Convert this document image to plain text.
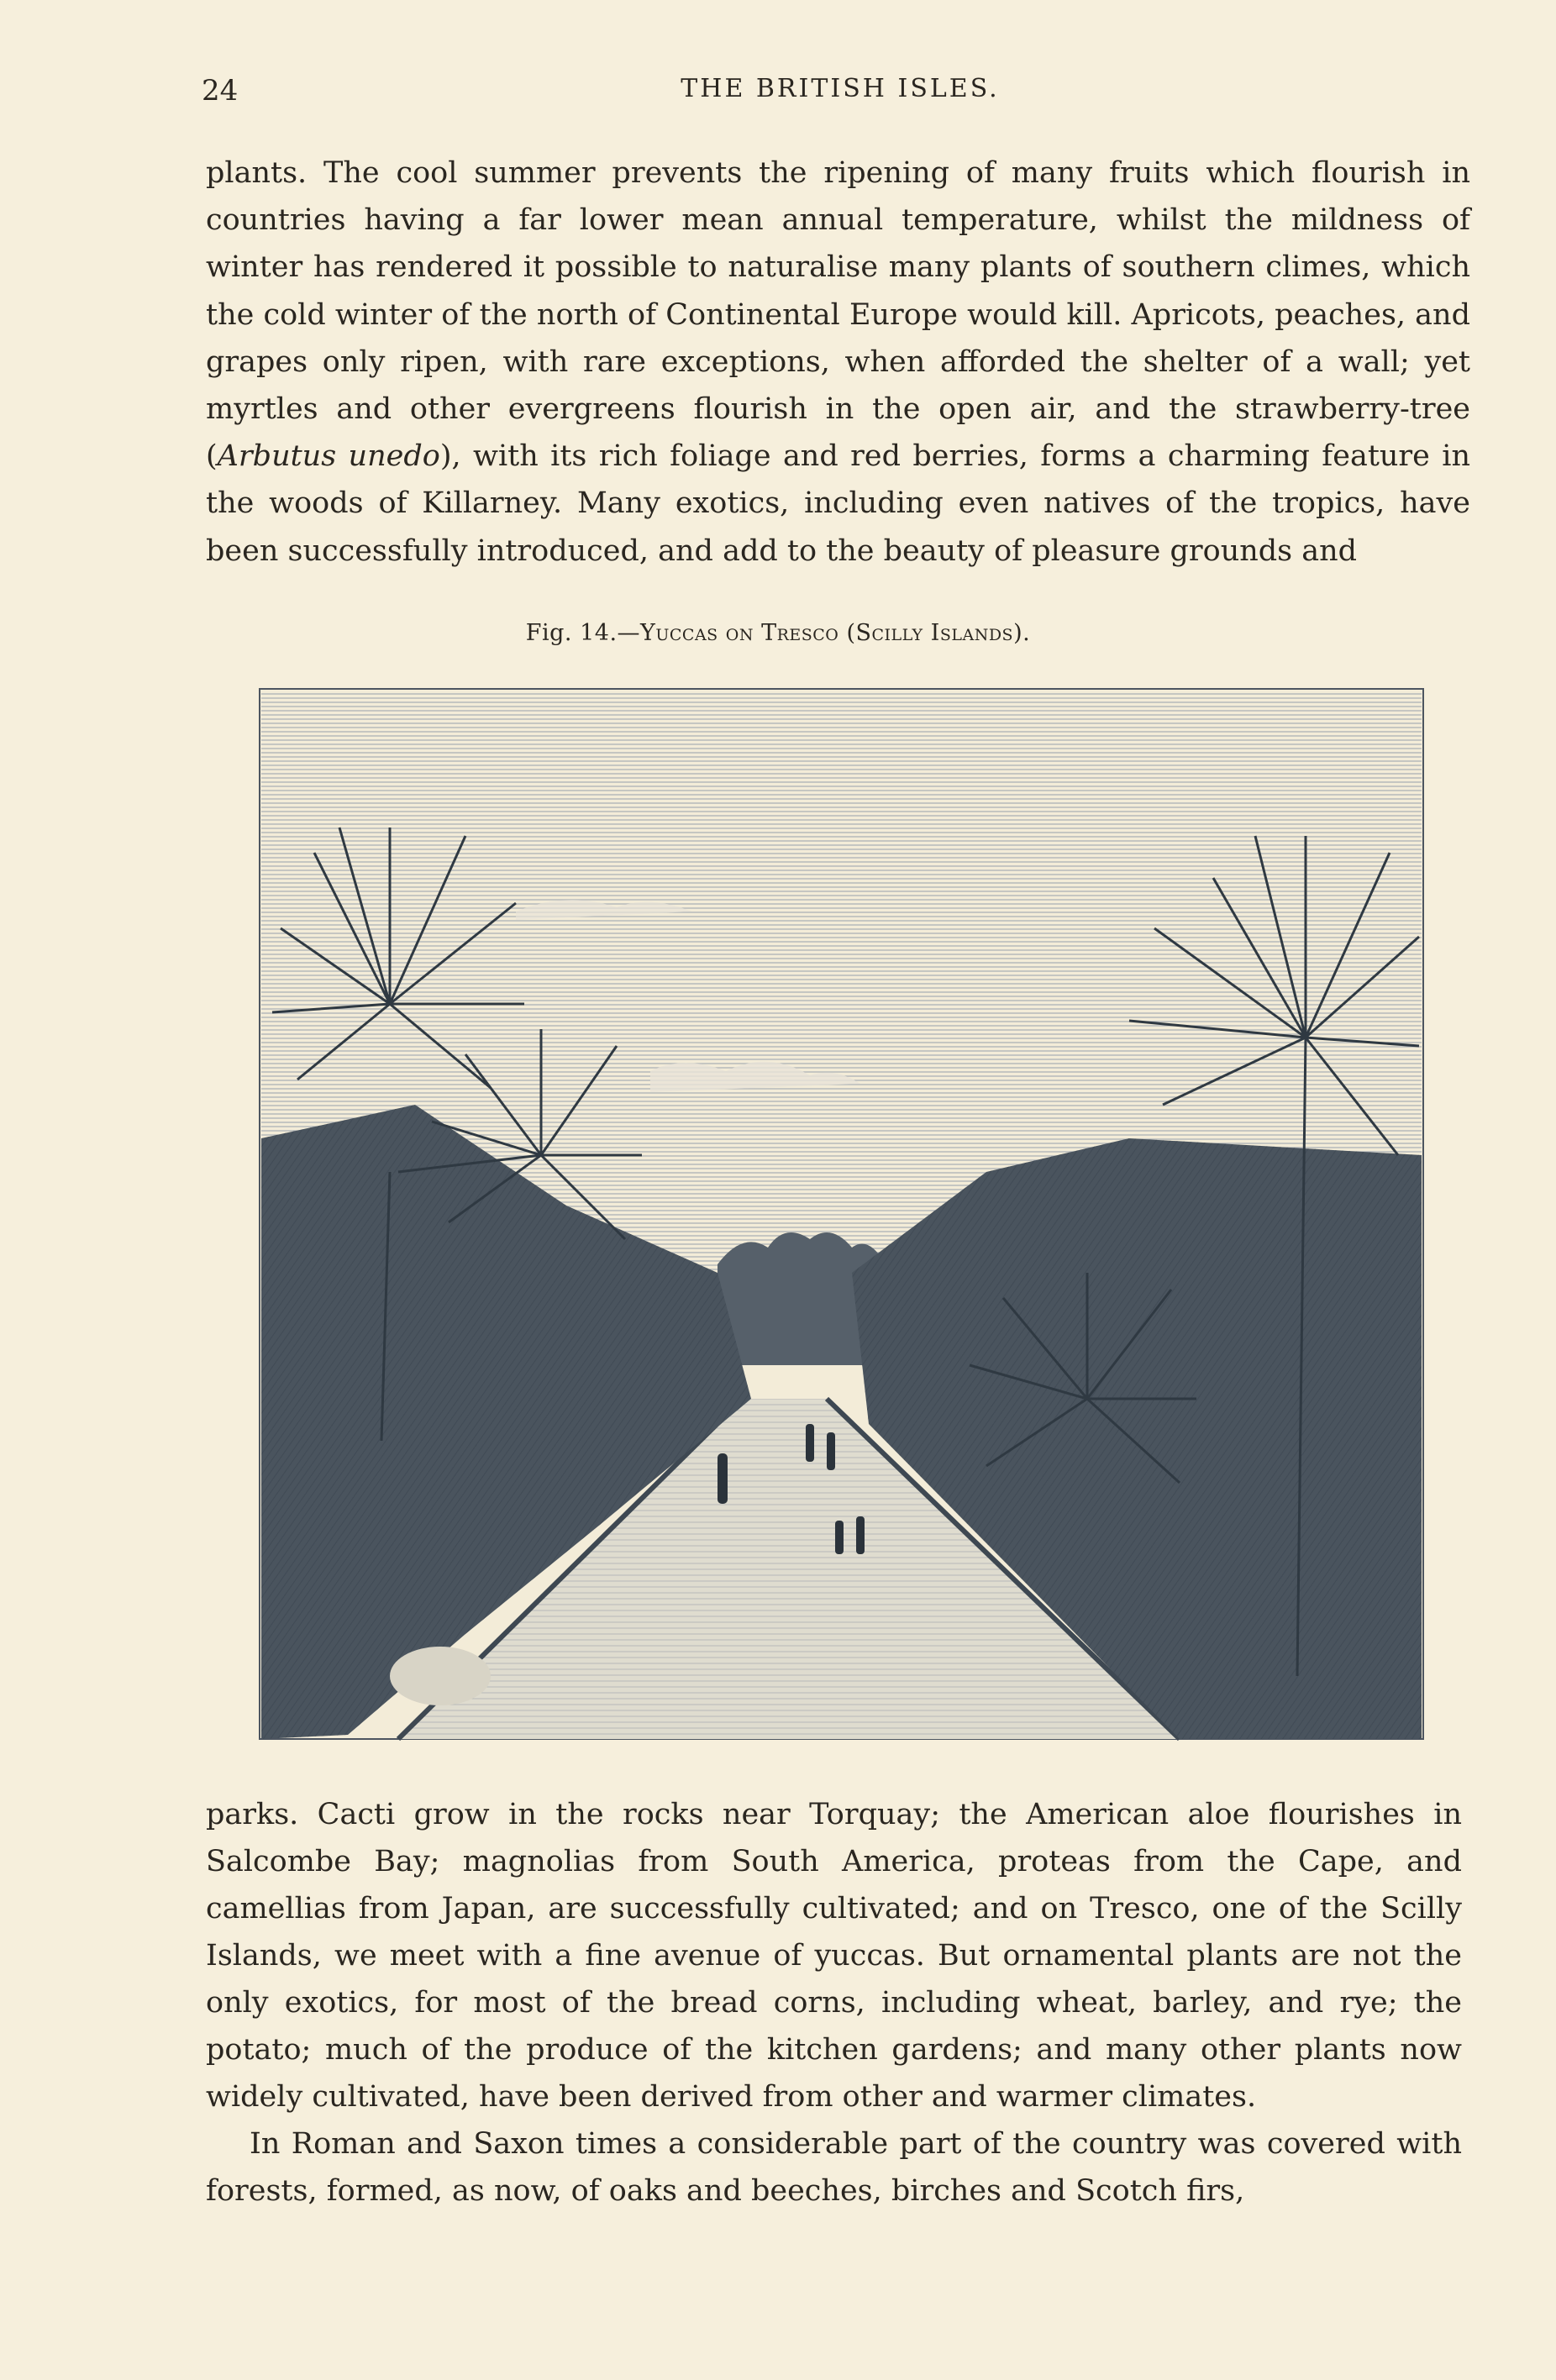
24	THE BRITISH ISLES.

plants. The cool summer prevents the ripening of many fruits which flourish in countries having a far lower mean annual temperature, whilst the mildness of winter has rendered it possible to naturalise many plants of southern climes, which the cold winter of the north of Continental Europe would kill. Apricots, peaches, and grapes only ripen, with rare exceptions, when afforded the shelter of a wall; yet myrtles and other evergreens flourish in the open air, and the strawberry-tree (Arbutus unedo), with its rich foliage and red berries, forms a charming feature in the woods of Killarney. Many exotics, including even natives of the tropics, have been successfully introduced, and add to the beauty of pleasure grounds and

Fig. 14.—Yuccas on Tresco (Scilly Islands).

parks. Cacti grow in the rocks near Torquay; the American aloe flourishes in Salcombe Bay; magnolias from South America, proteas from the Cape, and camellias from Japan, are successfully cultivated; and on Tresco, one of the Scilly Islands, we meet with a fine avenue of yuccas. But ornamental plants are not the only exotics, for most of the bread corns, including wheat, barley, and rye; the potato; much of the produce of the kitchen gardens; and many other plants now widely cultivated, have been derived from other and warmer climates.

In Roman and Saxon times a considerable part of the country was covered with forests, formed, as now, of oaks and beeches, birches and Scotch firs,
